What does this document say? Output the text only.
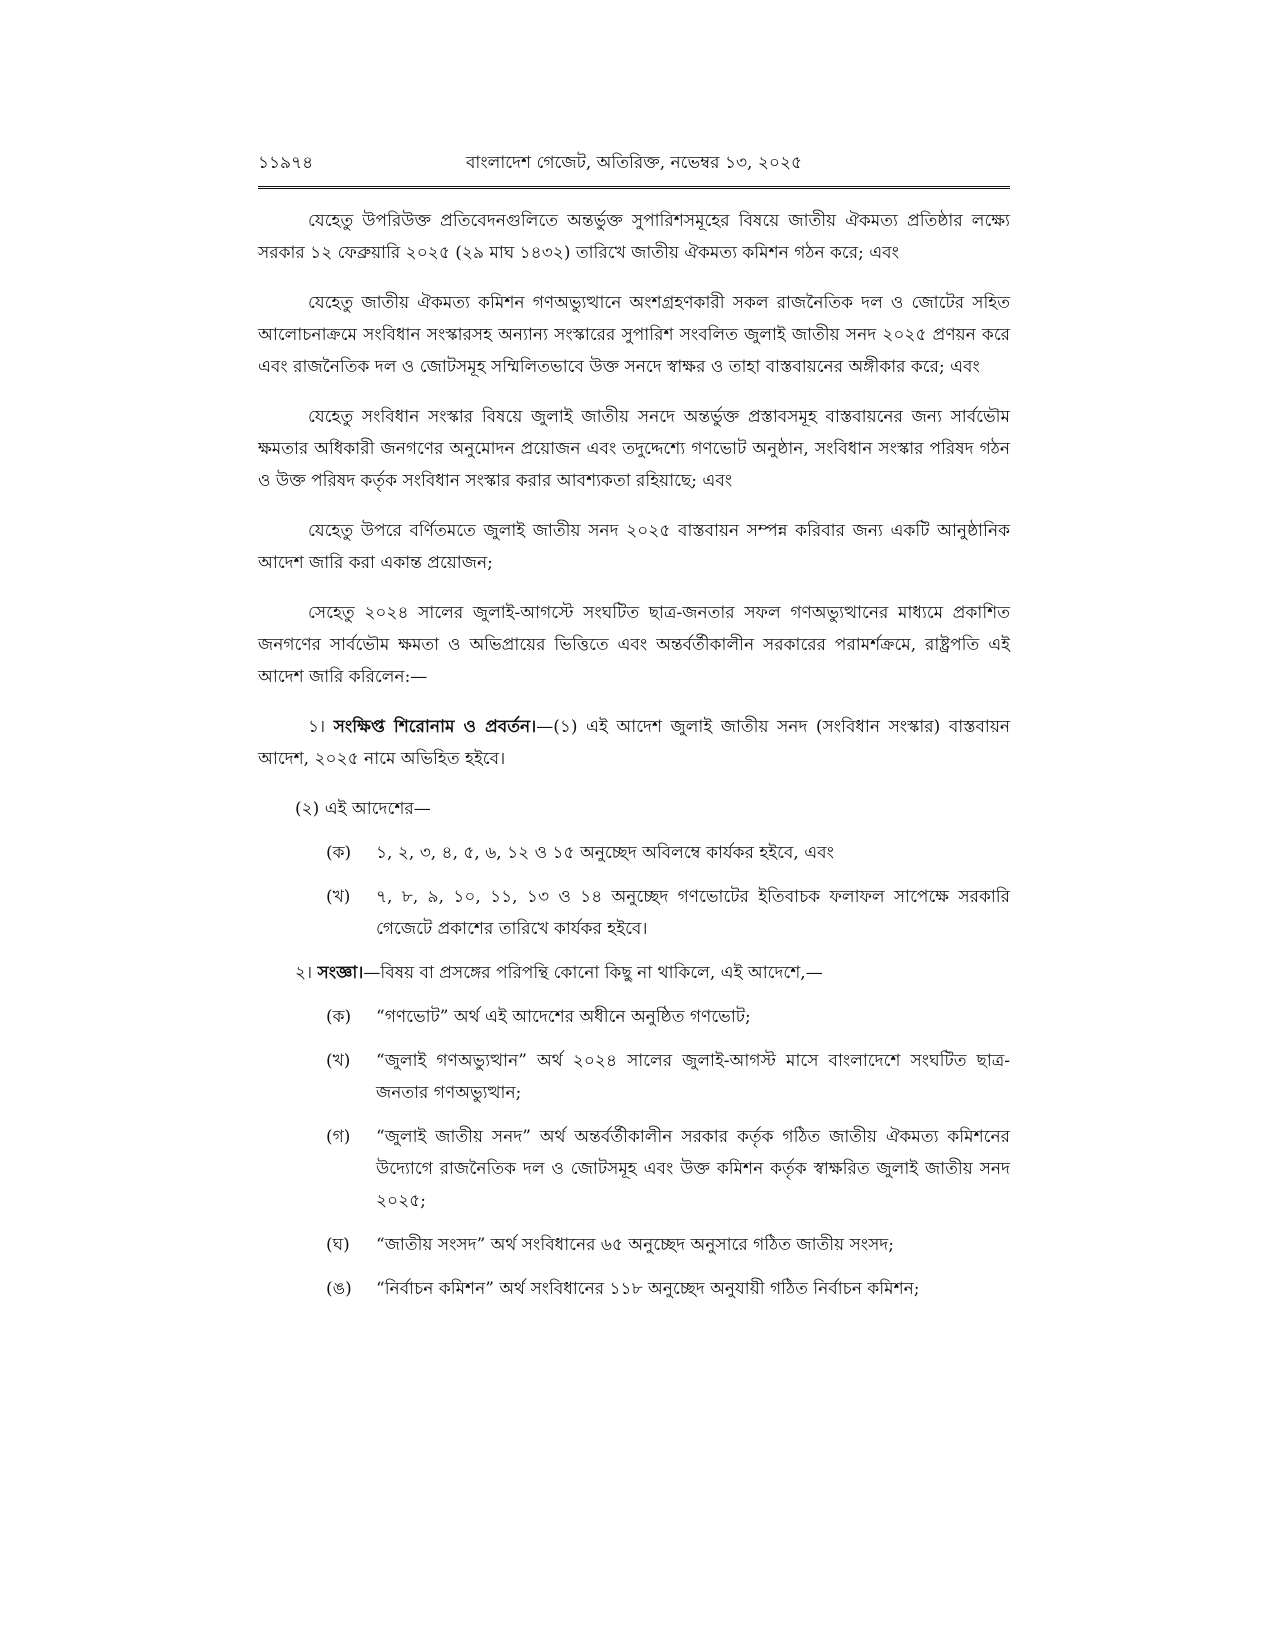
১১৯৭৪	বাংলাদেশ গেজেট, অতিরিক্ত, নভেম্বর ১৩, ২০২৫

যেহেতু উপরিউক্ত প্রতিবেদনগুলিতে অন্তর্ভুক্ত সুপারিশসমূহের বিষয়ে জাতীয় ঐকমত্য প্রতিষ্ঠার লক্ষ্যে সরকার ১২ ফেব্রুয়ারি ২০২৫ (২৯ মাঘ ১৪৩২) তারিখে জাতীয় ঐকমত্য কমিশন গঠন করে; এবং

যেহেতু জাতীয় ঐকমত্য কমিশন গণঅভ্যুত্থানে অংশগ্রহণকারী সকল রাজনৈতিক দল ও জোটের সহিত আলোচনাক্রমে সংবিধান সংস্কারসহ অন্যান্য সংস্কারের সুপারিশ সংবলিত জুলাই জাতীয় সনদ ২০২৫ প্রণয়ন করে এবং রাজনৈতিক দল ও জোটসমূহ সম্মিলিতভাবে উক্ত সনদে স্বাক্ষর ও তাহা বাস্তবায়নের অঙ্গীকার করে; এবং

যেহেতু সংবিধান সংস্কার বিষয়ে জুলাই জাতীয় সনদে অন্তর্ভুক্ত প্রস্তাবসমূহ বাস্তবায়নের জন্য সার্বভৌম ক্ষমতার অধিকারী জনগণের অনুমোদন প্রয়োজন এবং তদুদ্দেশ্যে গণভোট অনুষ্ঠান, সংবিধান সংস্কার পরিষদ গঠন ও উক্ত পরিষদ কর্তৃক সংবিধান সংস্কার করার আবশ্যকতা রহিয়াছে; এবং

যেহেতু উপরে বর্ণিতমতে জুলাই জাতীয় সনদ ২০২৫ বাস্তবায়ন সম্পন্ন করিবার জন্য একটি আনুষ্ঠানিক আদেশ জারি করা একান্ত প্রয়োজন;

সেহেতু ২০২৪ সালের জুলাই-আগস্টে সংঘটিত ছাত্র-জনতার সফল গণঅভ্যুত্থানের মাধ্যমে প্রকাশিত জনগণের সার্বভৌম ক্ষমতা ও অভিপ্রায়ের ভিত্তিতে এবং অন্তর্বর্তীকালীন সরকারের পরামর্শক্রমে, রাষ্ট্রপতি এই আদেশ জারি করিলেন:—

১। সংক্ষিপ্ত শিরোনাম ও প্রবর্তন।—(১) এই আদেশ জুলাই জাতীয় সনদ (সংবিধান সংস্কার) বাস্তবায়ন আদেশ, ২০২৫ নামে অভিহিত হইবে।

(২) এই আদেশের—
(ক)	১, ২, ৩, ৪, ৫, ৬, ১২ ও ১৫ অনুচ্ছেদ অবিলম্বে কার্যকর হইবে, এবং
(খ)	৭, ৮, ৯, ১০, ১১, ১৩ ও ১৪ অনুচ্ছেদ গণভোটের ইতিবাচক ফলাফল সাপেক্ষে সরকারি গেজেটে প্রকাশের তারিখে কার্যকর হইবে।
২। সংজ্ঞা।—বিষয় বা প্রসঙ্গের পরিপন্থি কোনো কিছু না থাকিলে, এই আদেশে,—
(ক)	“গণভোট” অর্থ এই আদেশের অধীনে অনুষ্ঠিত গণভোট;
(খ)	“জুলাই গণঅভ্যুত্থান” অর্থ ২০২৪ সালের জুলাই-আগস্ট মাসে বাংলাদেশে সংঘটিত ছাত্র-জনতার গণঅভ্যুত্থান;
(গ)	“জুলাই জাতীয় সনদ” অর্থ অন্তর্বর্তীকালীন সরকার কর্তৃক গঠিত জাতীয় ঐকমত্য কমিশনের উদ্যোগে রাজনৈতিক দল ও জোটসমূহ এবং উক্ত কমিশন কর্তৃক স্বাক্ষরিত জুলাই জাতীয় সনদ ২০২৫;
(ঘ)	“জাতীয় সংসদ” অর্থ সংবিধানের ৬৫ অনুচ্ছেদ অনুসারে গঠিত জাতীয় সংসদ;
(ঙ)	“নির্বাচন কমিশন” অর্থ সংবিধানের ১১৮ অনুচ্ছেদ অনুযায়ী গঠিত নির্বাচন কমিশন;
